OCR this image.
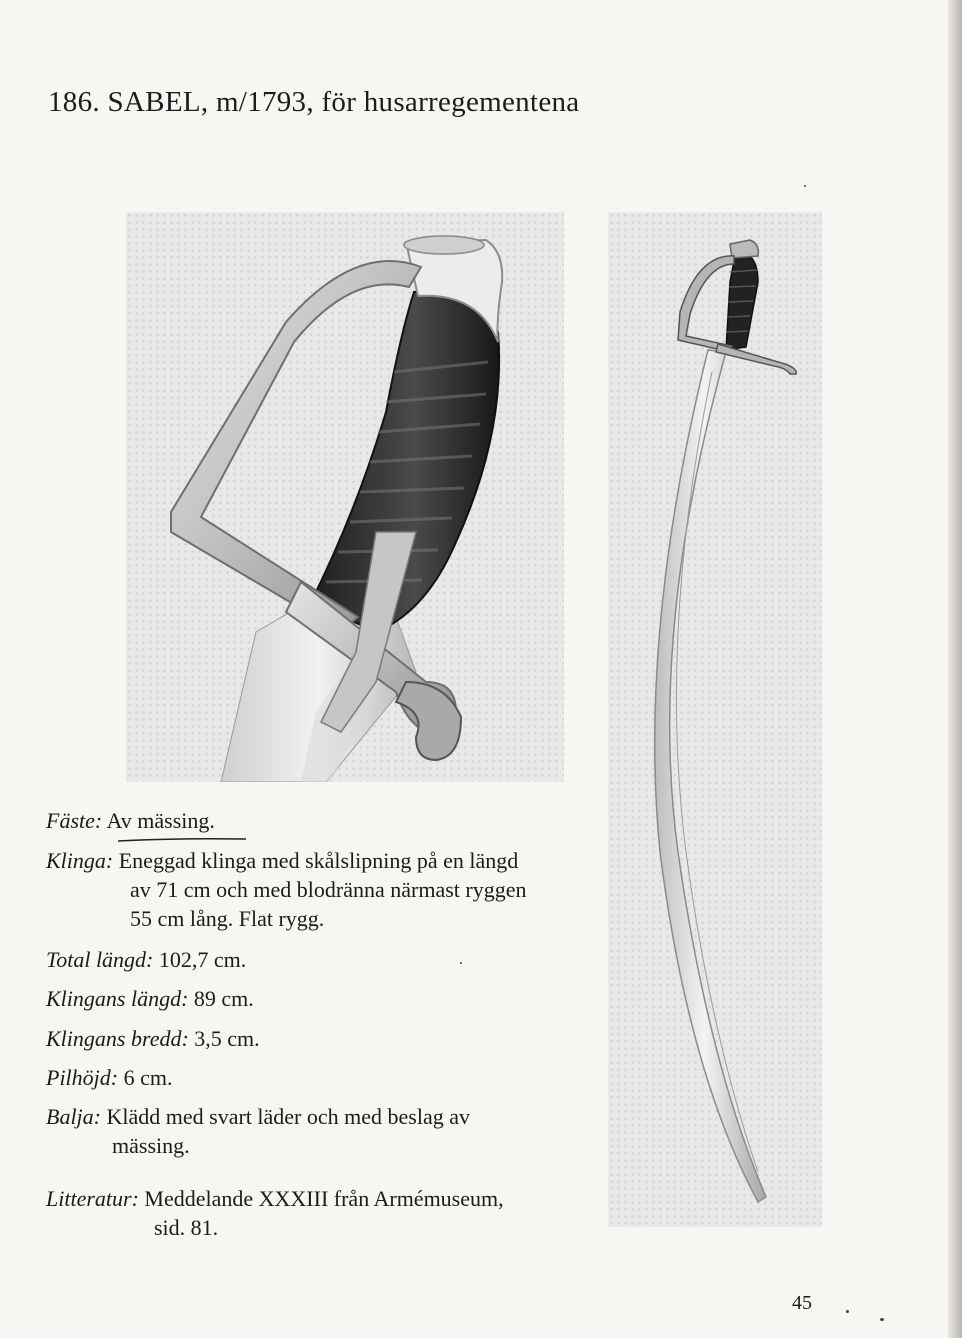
186. SABEL, m/1793, för husarregementena
Fäste: Av mässing.
Klinga: Eneggad klinga med skålslipning på en längd
av 71 cm och med blodränna närmast ryggen
55 cm lång. Flat rygg.
Total längd: 102,7 cm.
Klingans längd: 89 cm.
Klingans bredd: 3,5 cm.
Pilhöjd: 6 cm.
Balja: Klädd med svart läder och med beslag av
mässing.
Litteratur: Meddelande XXXIII från Armémuseum,
sid. 81.
45
